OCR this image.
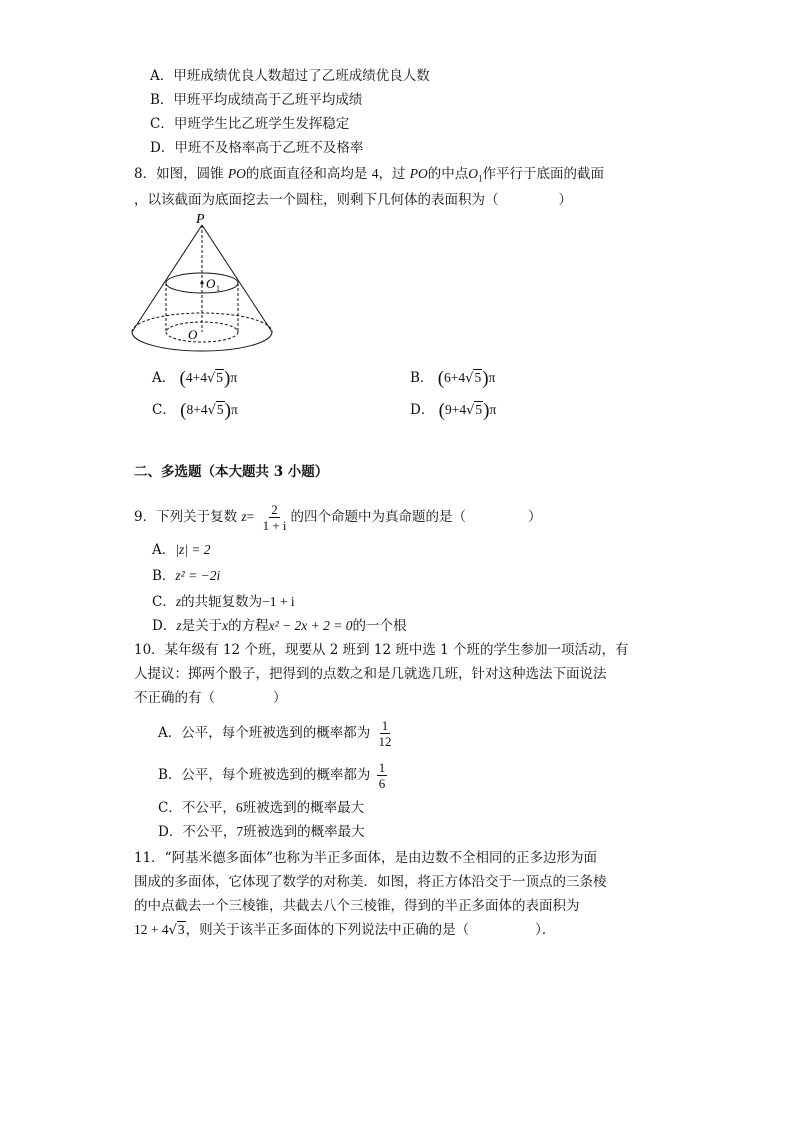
A．甲班成绩优良人数超过了乙班成绩优良人数
B．甲班平均成绩高于乙班平均成绩
C．甲班学生比乙班学生发挥稳定
D．甲班不及格率高于乙班不及格率
8．如图，圆锥 PO的底面直径和高均是 4，过 PO的中点$O_1$作平行于底面的截面
，以该截面为底面挖去一个圆柱，则剩下几何体的表面积为（	）
P
O 1
O
A． (4+4√5)π	B． (6+4√5)π
C． (8+4√5)π	D． (9+4√5)π
二、多选题（本大题共 3 小题）
9．下列关于复数 $z= \frac{2}{1 + i}$ 的四个命题中为真命题的是（	）
A．|z| = 2
B．z² = −2i
C．z的共轭复数为−1 + i
D．z是关于x的方程x² − 2x + 2 = 0的一个根
10．某年级有 12 个班，现要从 2 班到 12 班中选 1 个班的学生参加一项活动，有
人提议：掷两个骰子，把得到的点数之和是几就选几班，针对这种选法下面说法
不正确的有（	）
A．公平，每个班被选到的概率都为 $\frac{1}{12}$
B．公平，每个班被选到的概率都为 $\frac{1}{6}$
C．不公平，6班被选到的概率最大
D．不公平，7班被选到的概率最大
11．“阿基米德多面体”也称为半正多面体，是由边数不全相同的正多边形为面
围成的多面体，它体现了数学的对称美．如图，将正方体沿交于一顶点的三条棱
的中点截去一个三棱锥，共截去八个三棱锥，得到的半正多面体的表面积为
12 + 4√3，则关于该半正多面体的下列说法中正确的是（	）．
